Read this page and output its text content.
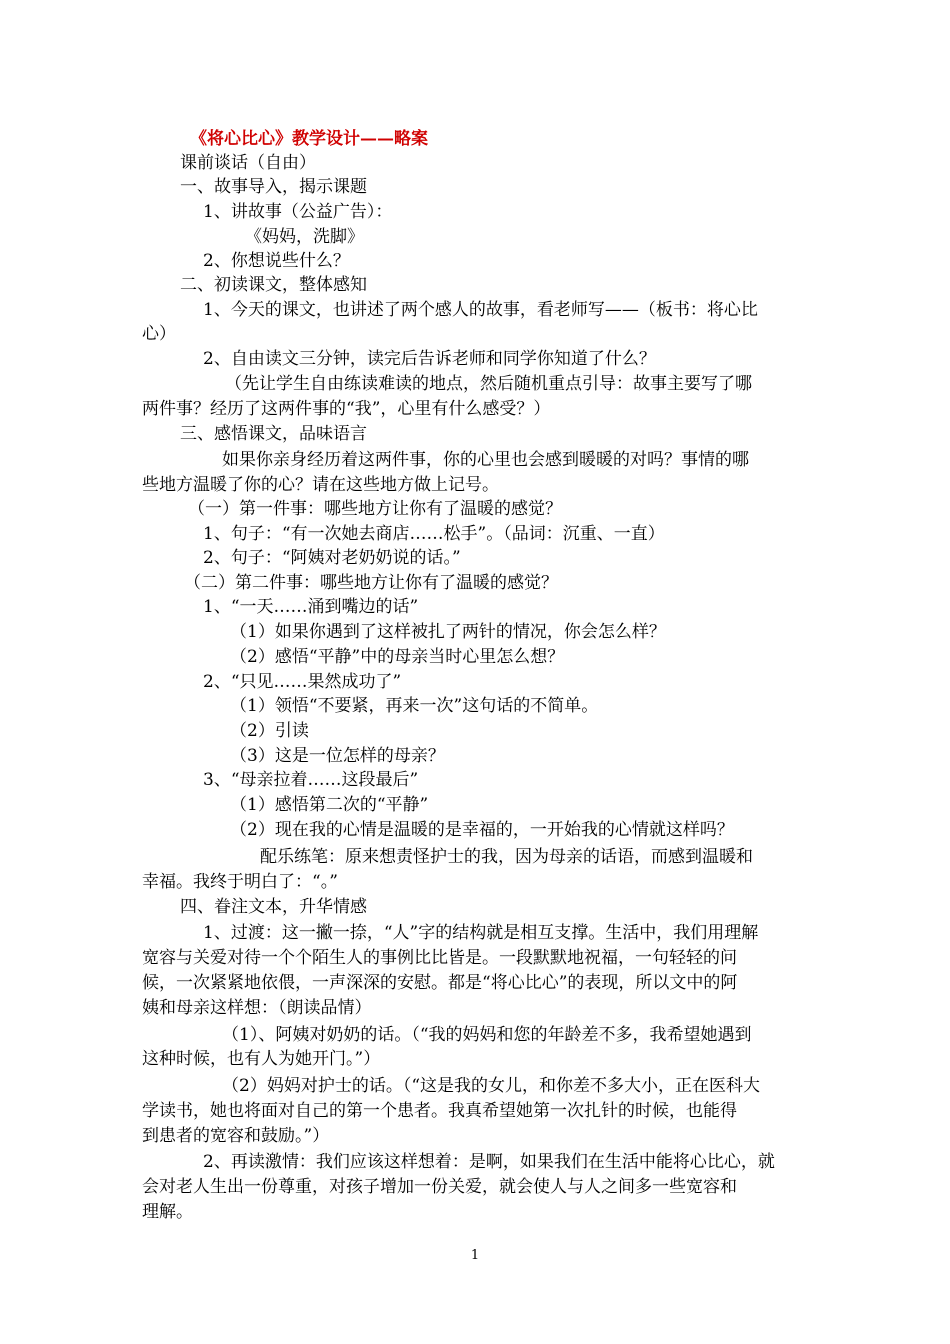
《将心比心》教学设计——略案
课前谈话（自由）
一、故事导入，揭示课题
1、讲故事（公益广告）：
《妈妈，洗脚》
2、你想说些什么？
二、初读课文，整体感知
1、今天的课文，也讲述了两个感人的故事，看老师写——（板书：将心比
心）
2、自由读文三分钟，读完后告诉老师和同学你知道了什么？
（先让学生自由练读难读的地点，然后随机重点引导：故事主要写了哪
两件事？经历了这两件事的“我”，心里有什么感受？）
三、感悟课文，品味语言
如果你亲身经历着这两件事，你的心里也会感到暖暖的对吗？事情的哪
些地方温暖了你的心？请在这些地方做上记号。
（一）第一件事：哪些地方让你有了温暖的感觉？
1、句子：“有一次她去商店……松手”。（品词：沉重、一直）
2、句子：“阿姨对老奶奶说的话。”
（二）第二件事：哪些地方让你有了温暖的感觉？
1、“一天……涌到嘴边的话”
（1）如果你遇到了这样被扎了两针的情况，你会怎么样？
（2）感悟“平静”中的母亲当时心里怎么想？
2、“只见……果然成功了”
（1）领悟“不要紧，再来一次”这句话的不简单。
（2）引读
（3）这是一位怎样的母亲？
3、“母亲拉着……这段最后”
（1）感悟第二次的“平静”
（2）现在我的心情是温暖的是幸福的，一开始我的心情就这样吗？
配乐练笔：原来想责怪护士的我，因为母亲的话语，而感到温暖和
幸福。我终于明白了：“。”
四、眷注文本，升华情感
1、过渡：这一撇一捺，“人”字的结构就是相互支撑。生活中，我们用理解
宽容与关爱对待一个个陌生人的事例比比皆是。一段默默地祝福，一句轻轻的问
候，一次紧紧地依偎，一声深深的安慰。都是“将心比心”的表现，所以文中的阿
姨和母亲这样想：（朗读品情）
（1）、阿姨对奶奶的话。（“我的妈妈和您的年龄差不多，我希望她遇到
这种时候，也有人为她开门。”）
（2）妈妈对护士的话。（“这是我的女儿，和你差不多大小，正在医科大
学读书，她也将面对自己的第一个患者。我真希望她第一次扎针的时候，也能得
到患者的宽容和鼓励。”）
2、再读激情：我们应该这样想着：是啊，如果我们在生活中能将心比心，就
会对老人生出一份尊重，对孩子增加一份关爱，就会使人与人之间多一些宽容和
理解。
1
